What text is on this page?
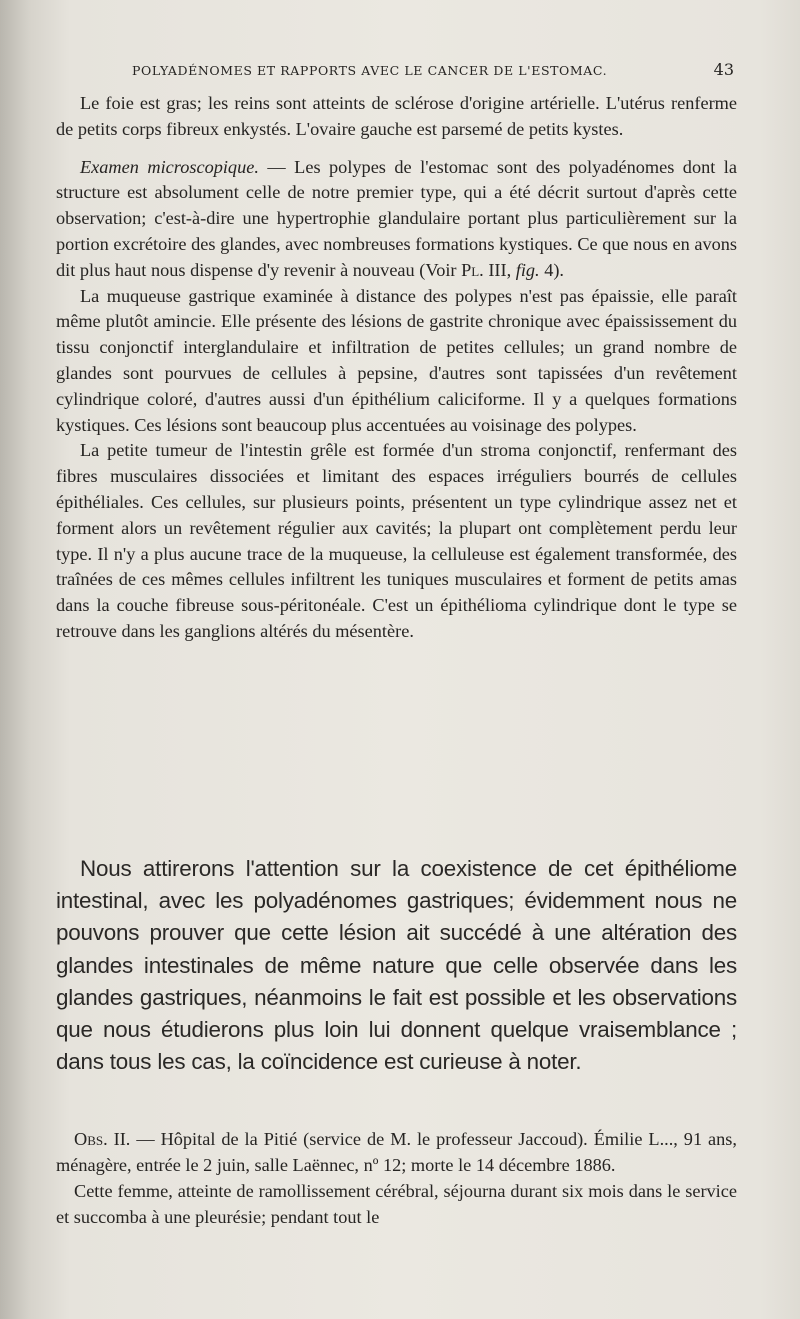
POLYADÉNOMES ET RAPPORTS AVEC LE CANCER DE L'ESTOMAC.	43

Le foie est gras; les reins sont atteints de sclérose d'origine artérielle. L'utérus renferme de petits corps fibreux enkystés. L'ovaire gauche est parsemé de petits kystes.

Examen microscopique. — Les polypes de l'estomac sont des polyadénomes dont la structure est absolument celle de notre premier type, qui a été décrit surtout d'après cette observation; c'est-à-dire une hypertrophie glandulaire portant plus particulièrement sur la portion excrétoire des glandes, avec nombreuses formations kystiques. Ce que nous en avons dit plus haut nous dispense d'y revenir à nouveau (Voir Pl. III, fig. 4).

La muqueuse gastrique examinée à distance des polypes n'est pas épaissie, elle paraît même plutôt amincie. Elle présente des lésions de gastrite chronique avec épaississement du tissu conjonctif interglandulaire et infiltration de petites cellules; un grand nombre de glandes sont pourvues de cellules à pepsine, d'autres sont tapissées d'un revêtement cylindrique coloré, d'autres aussi d'un épithélium caliciforme. Il y a quelques formations kystiques. Ces lésions sont beaucoup plus accentuées au voisinage des polypes.

La petite tumeur de l'intestin grêle est formée d'un stroma conjonctif, renfermant des fibres musculaires dissociées et limitant des espaces irréguliers bourrés de cellules épithéliales. Ces cellules, sur plusieurs points, présentent un type cylindrique assez net et forment alors un revêtement régulier aux cavités; la plupart ont complètement perdu leur type. Il n'y a plus aucune trace de la muqueuse, la celluleuse est également transformée, des traînées de ces mêmes cellules infiltrent les tuniques musculaires et forment de petits amas dans la couche fibreuse sous-péritonéale. C'est un épithélioma cylindrique dont le type se retrouve dans les ganglions altérés du mésentère.

Nous attirerons l'attention sur la coexistence de cet épithéliome intestinal, avec les polyadénomes gastriques; évidemment nous ne pouvons prouver que cette lésion ait succédé à une altération des glandes intestinales de même nature que celle observée dans les glandes gastriques, néanmoins le fait est possible et les observations que nous étudierons plus loin lui donnent quelque vraisemblance ; dans tous les cas, la coïncidence est curieuse à noter.

Obs. II. — Hôpital de la Pitié (service de M. le professeur Jaccoud). Émilie L..., 91 ans, ménagère, entrée le 2 juin, salle Laënnec, nº 12; morte le 14 décembre 1886.

Cette femme, atteinte de ramollissement cérébral, séjourna durant six mois dans le service et succomba à une pleurésie; pendant tout le
